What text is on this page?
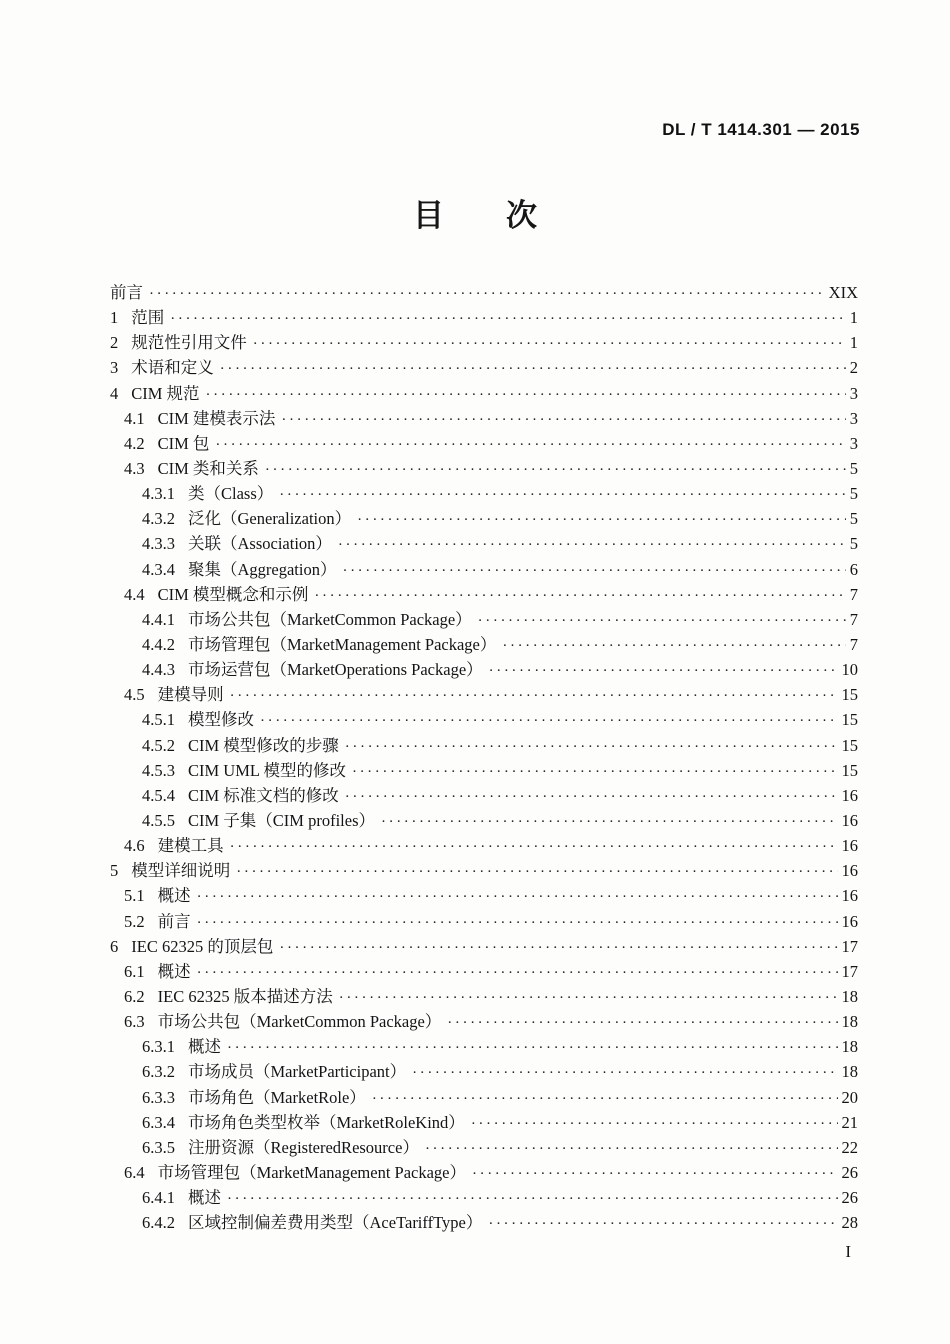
DL / T 1414.301 — 2015
目　　次
前言 ·····	XIX
1 范围 ·····	1
2 规范性引用文件 ·····	1
3 术语和定义 ·····	2
4 CIM 规范 ·····	3
4.1 CIM 建模表示法 ·····	3
4.2 CIM 包 ·····	3
4.3 CIM 类和关系 ·····	5
4.3.1 类（Class） ·····	5
4.3.2 泛化（Generalization） ·····	5
4.3.3 关联（Association） ·····	5
4.3.4 聚集（Aggregation） ·····	6
4.4 CIM 模型概念和示例 ·····	7
4.4.1 市场公共包（MarketCommon Package） ·····	7
4.4.2 市场管理包（MarketManagement Package） ·····	7
4.4.3 市场运营包（MarketOperations Package） ·····	10
4.5 建模导则 ·····	15
4.5.1 模型修改 ·····	15
4.5.2 CIM 模型修改的步骤 ·····	15
4.5.3 CIM UML 模型的修改 ·····	15
4.5.4 CIM 标准文档的修改 ·····	16
4.5.5 CIM 子集（CIM profiles） ·····	16
4.6 建模工具 ·····	16
5 模型详细说明 ·····	16
5.1 概述 ·····	16
5.2 前言 ·····	16
6 IEC 62325 的顶层包 ·····	17
6.1 概述 ·····	17
6.2 IEC 62325 版本描述方法 ·····	18
6.3 市场公共包（MarketCommon Package） ·····	18
6.3.1 概述 ·····	18
6.3.2 市场成员（MarketParticipant） ·····	18
6.3.3 市场角色（MarketRole） ·····	20
6.3.4 市场角色类型枚举（MarketRoleKind） ·····	21
6.3.5 注册资源（RegisteredResource） ·····	22
6.4 市场管理包（MarketManagement Package） ·····	26
6.4.1 概述 ·····	26
6.4.2 区域控制偏差费用类型（AceTariffType） ·····	28
I
